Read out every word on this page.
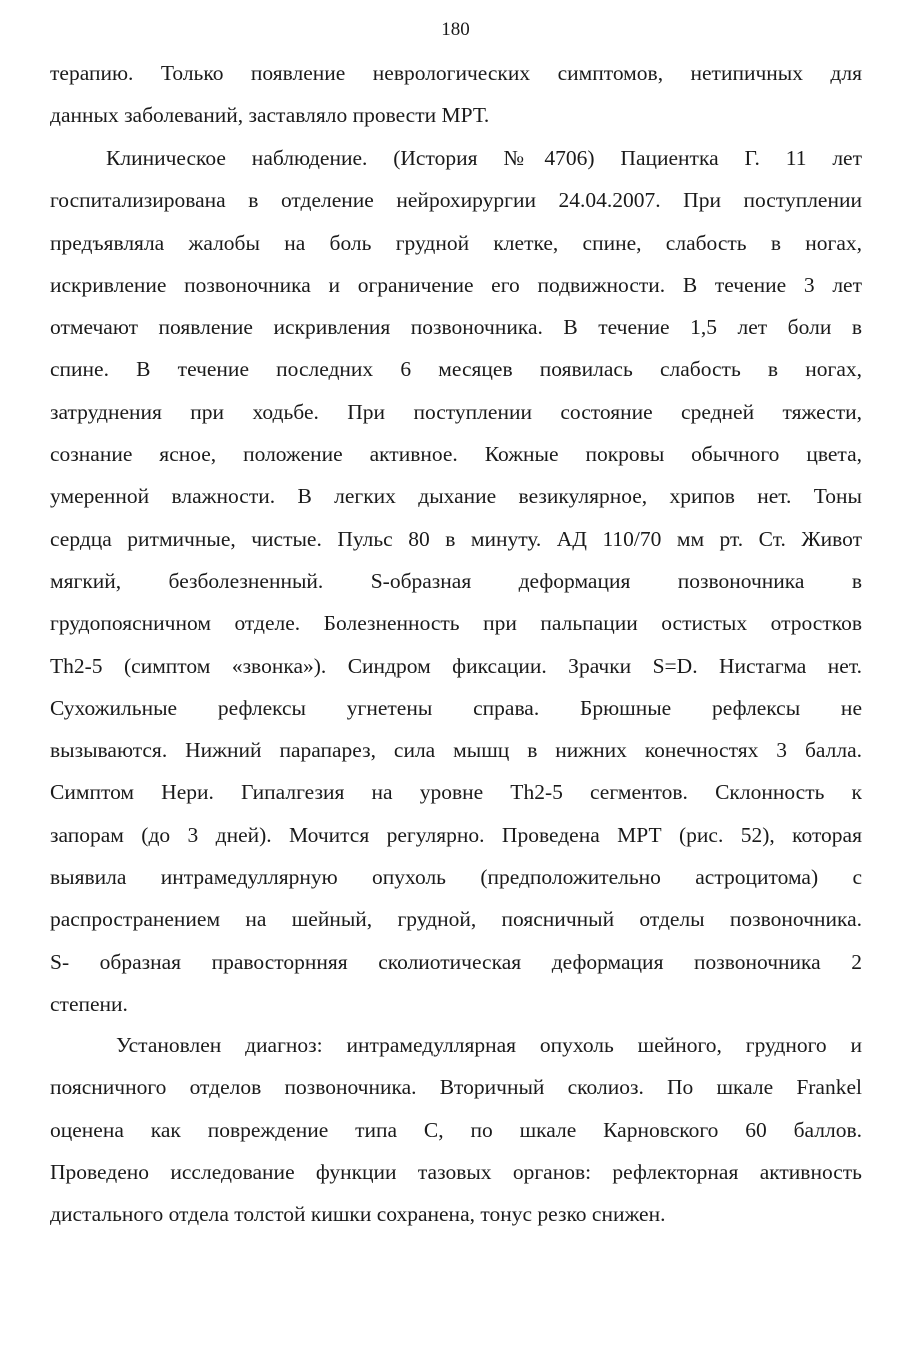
180
терапию. Только появление неврологических симптомов, нетипичных для
данных заболеваний, заставляло провести МРТ.
Клиническое наблюдение. (История №4706) Пациентка Г. 11 лет
госпитализирована в отделение нейрохирургии 24.04.2007. При поступлении
предъявляла жалобы на боль грудной клетке, спине, слабость в ногах,
искривление позвоночника и ограничение его подвижности. В течение 3 лет
отмечают появление искривления позвоночника. В течение 1,5 лет боли в
спине. В течение последних 6 месяцев появилась слабость в ногах,
затруднения при ходьбе. При поступлении состояние средней тяжести,
сознание ясное, положение активное. Кожные покровы обычного цвета,
умеренной влажности. В легких дыхание везикулярное, хрипов нет. Тоны
сердца ритмичные, чистые. Пульс 80 в минуту. АД 110/70 мм рт. Ст. Живот
мягкий, безболезненный. S-образная деформация позвоночника в
грудопоясничном отделе. Болезненность при пальпации остистых отростков
Th2-5 (симптом «звонка»). Синдром фиксации. Зрачки S=D. Нистагма нет.
Сухожильные рефлексы угнетены справа. Брюшные рефлексы не
вызываются. Нижний парапарез, сила мышц в нижних конечностях 3 балла.
Симптом Нери. Гипалгезия на уровне Th2-5 сегментов. Склонность к
запорам (до 3 дней). Мочится регулярно. Проведена МРТ (рис. 52), которая
выявила интрамедуллярную опухоль (предположительно астроцитома) с
распространением на шейный, грудной, поясничный отделы позвоночника.
S- образная правосторнняя сколиотическая деформация позвоночника 2
степени.
Установлен диагноз: интрамедуллярная опухоль шейного, грудного и
поясничного отделов позвоночника. Вторичный сколиоз. По шкале Frankel
оценена как повреждение типа С, по шкале Карновского 60 баллов.
Проведено исследование функции тазовых органов: рефлекторная активность
дистального отдела толстой кишки сохранена, тонус резко снижен.
